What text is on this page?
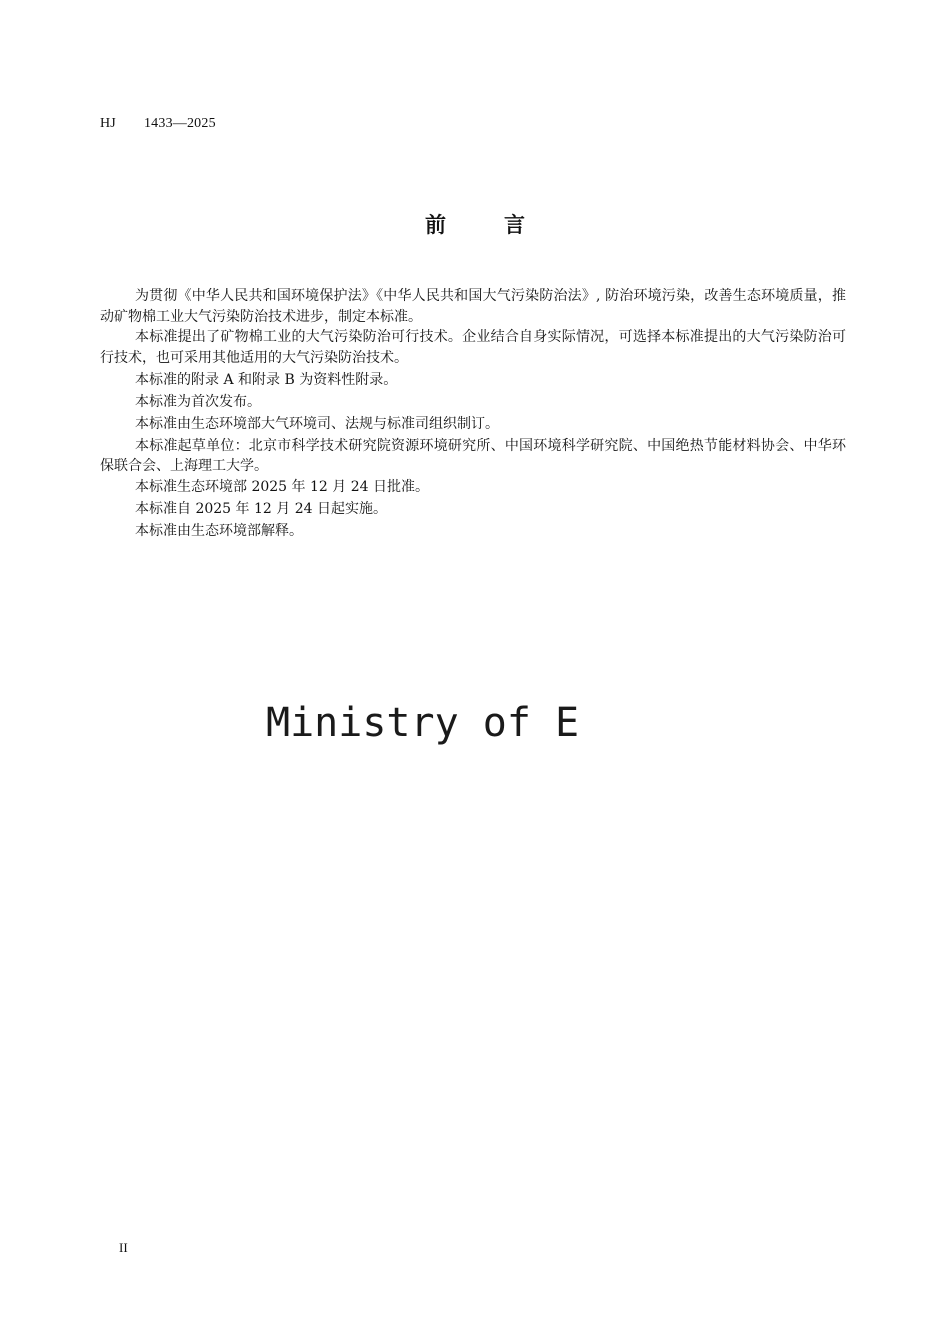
HJ 1433—2025
前	言

为贯彻《中华人民共和国环境保护法》《中华人民共和国大气污染防治法》, 防治环境污染，改善生态环境质量，推动矿物棉工业大气污染防治技术进步，制定本标准。

本标准提出了矿物棉工业的大气污染防治可行技术。企业结合自身实际情况，可选择本标准提出的大气污染防治可行技术，也可采用其他适用的大气污染防治技术。

本标准的附录 A 和附录 B 为资料性附录。

本标准为首次发布。

本标准由生态环境部大气环境司、法规与标准司组织制订。

本标准起草单位：北京市科学技术研究院资源环境研究所、中国环境科学研究院、中国绝热节能材料协会、中华环保联合会、上海理工大学。

本标准生态环境部 2025 年 12 月 24 日批准。

本标准自 2025 年 12 月 24 日起实施。

本标准由生态环境部解释。

Ministry of E
II
